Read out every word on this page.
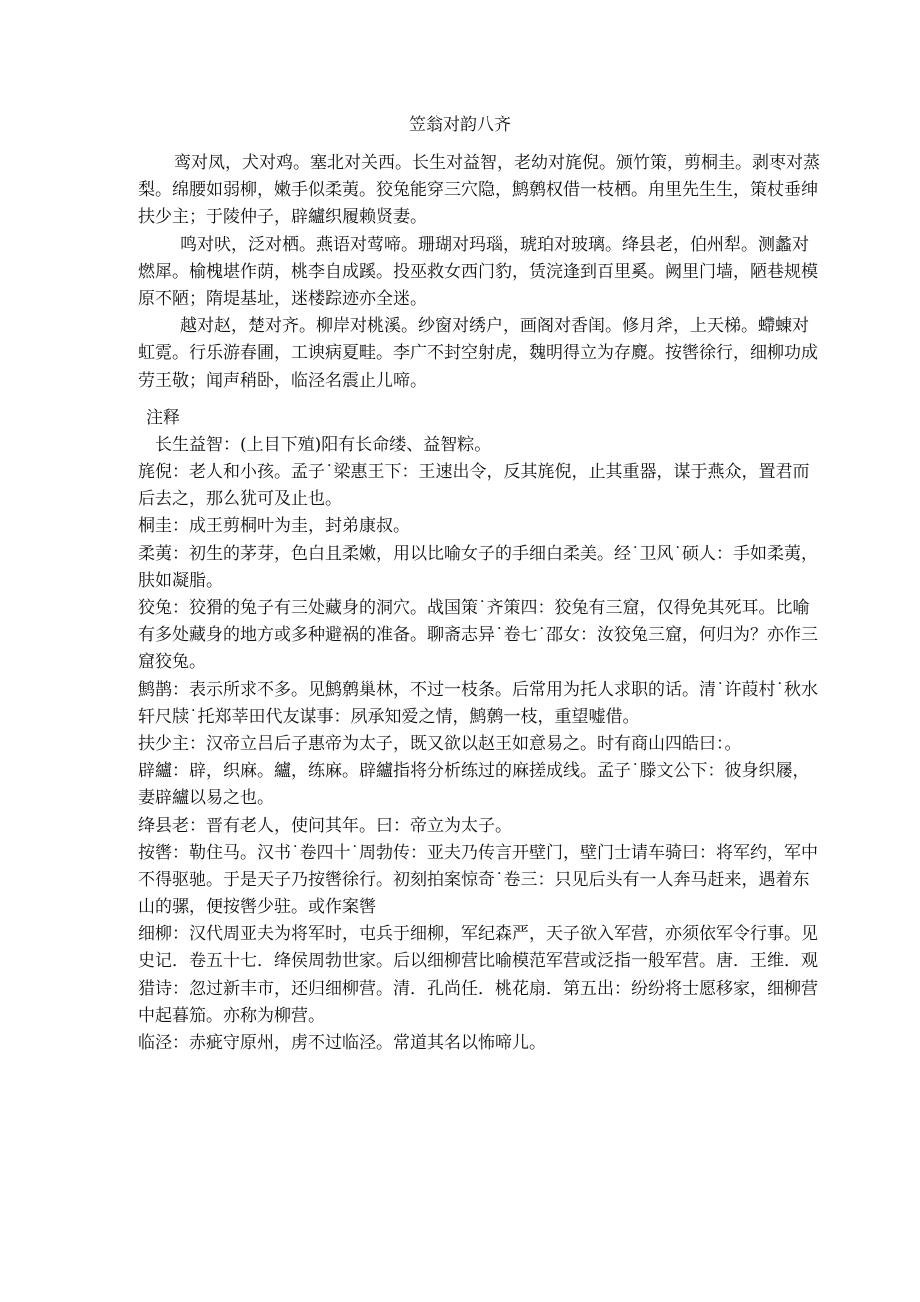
笠翁对韵八齐
鸾对凤，犬对鸡。塞北对关西。长生对益智，老幼对旄倪。颁竹策，剪桐圭。剥枣对蒸
梨。绵腰如弱柳，嫩手似柔荑。狡兔能穿三穴隐，鹪鹩权借一枝栖。甪里先生生，策杖垂绅
扶少主；于陵仲子，辟纑织履赖贤妻。
鸣对吠，泛对栖。燕语对莺啼。珊瑚对玛瑙，琥珀对玻璃。绛县老，伯州犁。测蠡对
燃犀。榆槐堪作荫，桃李自成蹊。投巫救女西门豹，赁浣逢到百里奚。阙里门墙，陋巷规模
原不陋；隋堤基址，迷楼踪迹亦全迷。
越对赵，楚对齐。柳岸对桃溪。纱窗对绣户，画阁对香闺。修月斧，上天梯。螮蝀对
虹霓。行乐游春圃，工谀病夏畦。李广不封空射虎，魏明得立为存麑。按辔徐行，细柳功成
劳王敬；闻声稍卧，临泾名震止儿啼。
注释
长生益智：(上目下殖)阳有长命缕、益智粽。
旄倪：老人和小孩。孟子˙梁惠王下：王速出令，反其旄倪，止其重器，谋于燕众，置君而
后去之，那么犹可及止也。
桐圭：成王剪桐叶为圭，封弟康叔。
柔荑：初生的茅芽，色白且柔嫩，用以比喻女子的手细白柔美。经˙卫风˙硕人：手如柔荑，
肤如凝脂。
狡兔：狡猾的兔子有三处藏身的洞穴。战国策˙齐策四：狡兔有三窟，仅得免其死耳。比喻
有多处藏身的地方或多种避祸的准备。聊斋志异˙卷七˙邵女：汝狡兔三窟，何归为？亦作三
窟狡兔。
鹪鹊：表示所求不多。见鹪鹩巢林，不过一枝条。后常用为托人求职的话。清˙许葭村˙秋水
轩尺牍˙托郑莘田代友谋事：夙承知爱之情，鹪鹩一枝，重望嘘借。
扶少主：汉帝立吕后子惠帝为太子，既又欲以赵王如意易之。时有商山四皓曰：。
辟纑：辟，织麻。纑，练麻。辟纑指将分析练过的麻搓成线。孟子˙滕文公下：彼身织屦，
妻辟纑以易之也。
绛县老：晋有老人，使问其年。曰：帝立为太子。
按辔：勒住马。汉书˙卷四十˙周勃传：亚夫乃传言开壁门，壁门士请车骑曰：将军约，军中
不得驱驰。于是天子乃按辔徐行。初刻拍案惊奇˙卷三：只见后头有一人奔马赶来，遇着东
山的骡，便按辔少驻。或作案辔
细柳：汉代周亚夫为将军时，屯兵于细柳，军纪森严，天子欲入军营，亦须依军令行事。见
史记．卷五十七．绛侯周勃世家。后以细柳营比喻模范军营或泛指一般军营。唐．王维．观
猎诗：忽过新丰市，还归细柳营。清．孔尚任．桃花扇．第五出：纷纷将士愿移家，细柳营
中起暮笳。亦称为柳营。
临泾：赤疵守原州，虏不过临泾。常道其名以怖啼儿。
